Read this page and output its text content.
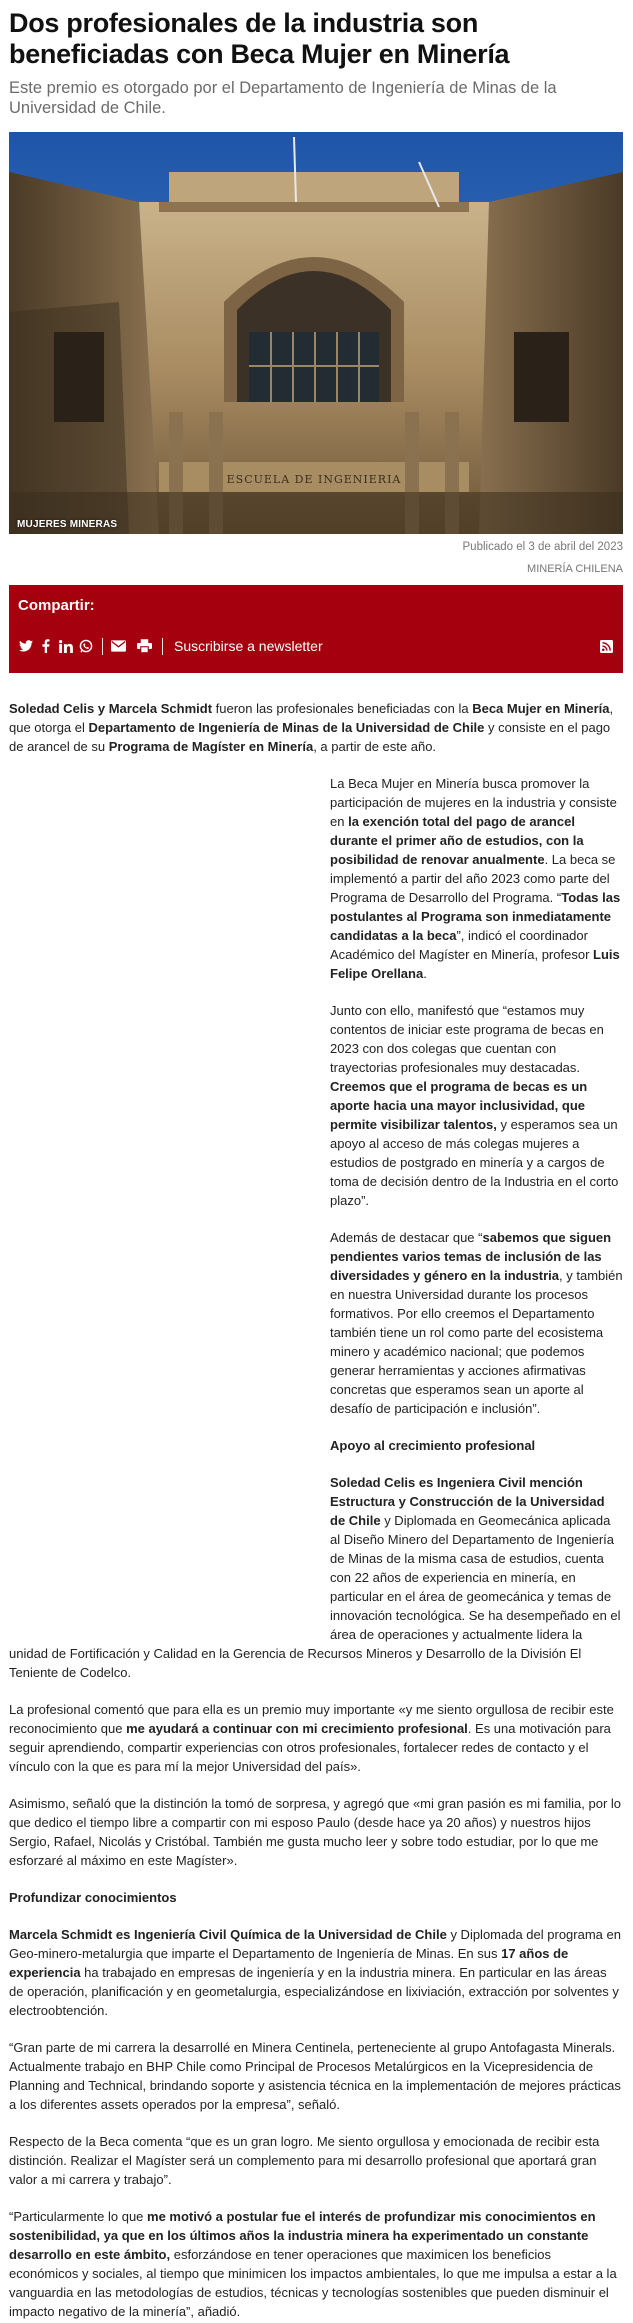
Dos profesionales de la industria son beneficiadas con Beca Mujer en Minería
Este premio es otorgado por el Departamento de Ingeniería de Minas de la Universidad de Chile.
ESCUELA DE INGENIERIA
MUJERES MINERAS
Publicado el 3 de abril del 2023
MINERÍA CHILENA
Compartir:
Suscribirse a newsletter

Soledad Celis y Marcela Schmidt fueron las profesionales beneficiadas con la Beca Mujer en Minería, que otorga el Departamento de Ingeniería de Minas de la Universidad de Chile y consiste en el pago de arancel de su Programa de Magíster en Minería, a partir de este año.

La Beca Mujer en Minería busca promover la participación de mujeres en la industria y consiste en la exención total del pago de arancel durante el primer año de estudios, con la posibilidad de renovar anualmente. La beca se implementó a partir del año 2023 como parte del Programa de Desarrollo del Programa. “Todas las postulantes al Programa son inmediatamente candidatas a la beca”, indicó el coordinador Académico del Magíster en Minería, profesor Luis Felipe Orellana.

Junto con ello, manifestó que “estamos muy contentos de iniciar este programa de becas en 2023 con dos colegas que cuentan con trayectorias profesionales muy destacadas. Creemos que el programa de becas es un aporte hacia una mayor inclusividad, que permite visibilizar talentos, y esperamos sea un apoyo al acceso de más colegas mujeres a estudios de postgrado en minería y a cargos de toma de decisión dentro de la Industria en el corto plazo”.

Además de destacar que “sabemos que siguen pendientes varios temas de inclusión de las diversidades y género en la industria, y también en nuestra Universidad durante los procesos formativos. Por ello creemos el Departamento también tiene un rol como parte del ecosistema minero y académico nacional; que podemos generar herramientas y acciones afirmativas concretas que esperamos sean un aporte al desafío de participación e inclusión”.

Apoyo al crecimiento profesional

Soledad Celis es Ingeniera Civil mención Estructura y Construcción de la Universidad de Chile y Diplomada en Geomecánica aplicada al Diseño Minero del Departamento de Ingeniería de Minas de la misma casa de estudios, cuenta con 22 años de experiencia en minería, en particular en el área de geomecánica y temas de innovación tecnológica. Se ha desempeñado en el área de operaciones y actualmente lidera la unidad de Fortificación y Calidad en la Gerencia de Recursos Mineros y Desarrollo de la División El Teniente de Codelco.

La profesional comentó que para ella es un premio muy importante «y me siento orgullosa de recibir este reconocimiento que me ayudará a continuar con mi crecimiento profesional. Es una motivación para seguir aprendiendo, compartir experiencias con otros profesionales, fortalecer redes de contacto y el vínculo con la que es para mí la mejor Universidad del país».

Asimismo, señaló que la distinción la tomó de sorpresa, y agregó que «mi gran pasión es mi familia, por lo que dedico el tiempo libre a compartir con mi esposo Paulo (desde hace ya 20 años) y nuestros hijos Sergio, Rafael, Nicolás y Cristóbal. También me gusta mucho leer y sobre todo estudiar, por lo que me esforzaré al máximo en este Magíster».

Profundizar conocimientos

Marcela Schmidt es Ingeniería Civil Química de la Universidad de Chile y Diplomada del programa en Geo-minero-metalurgia que imparte el Departamento de Ingeniería de Minas. En sus 17 años de experiencia ha trabajado en empresas de ingeniería y en la industria minera. En particular en las áreas de operación, planificación y en geometalurgia, especializándose en lixiviación, extracción por solventes y electroobtención.

“Gran parte de mi carrera la desarrollé en Minera Centinela, perteneciente al grupo Antofagasta Minerals. Actualmente trabajo en BHP Chile como Principal de Procesos Metalúrgicos en la Vicepresidencia de Planning and Technical, brindando soporte y asistencia técnica en la implementación de mejores prácticas a los diferentes assets operados por la empresa”, señaló.

Respecto de la Beca comenta “que es un gran logro. Me siento orgullosa y emocionada de recibir esta distinción. Realizar el Magíster será un complemento para mi desarrollo profesional que aportará gran valor a mi carrera y trabajo”.

“Particularmente lo que me motivó a postular fue el interés de profundizar mis conocimientos en sostenibilidad, ya que en los últimos años la industria minera ha experimentado un constante desarrollo en este ámbito, esforzándose en tener operaciones que maximicen los beneficios económicos y sociales, al tiempo que minimicen los impactos ambientales, lo que me impulsa a estar a la vanguardia en las metodologías de estudios, técnicas y tecnologías sostenibles que pueden disminuir el impacto negativo de la minería”, añadió.
